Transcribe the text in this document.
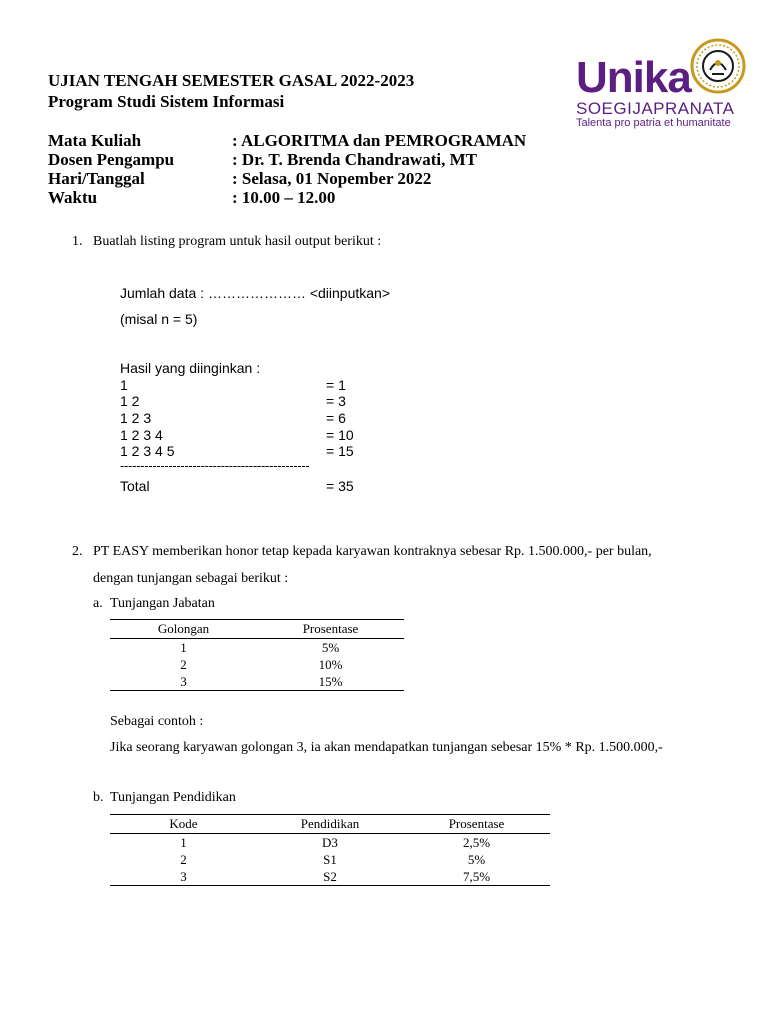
UJIAN TENGAH SEMESTER GASAL 2022-2023
Program Studi Sistem Informasi
Mata Kuliah	: ALGORITMA dan PEMROGRAMAN
Dosen Pengampu	: Dr. T. Brenda Chandrawati, MT
Hari/Tanggal	: Selasa, 01 Nopember 2022
Waktu	: 10.00 – 12.00
Unika
SOEGIJAPRANATA
Talenta pro patria et humanitate
1. Buatlah listing program untuk hasil output berikut :
Jumlah data : ………………… <diinputkan>
(misal n = 5)
Hasil yang diinginkan :
1	= 1
1 2	= 3
1 2 3	= 6
1 2 3 4	= 10
1 2 3 4 5	= 15
-----------------------------------------------
Total	= 35
2. PT EASY memberikan honor tetap kepada karyawan kontraknya sebesar Rp. 1.500.000,- per bulan,
dengan tunjangan sebagai berikut :
a. Tunjangan Jabatan
Golongan	Prosentase
1	5%
2	10%
3	15%
Sebagai contoh :
Jika seorang karyawan golongan 3, ia akan mendapatkan tunjangan sebesar 15% * Rp. 1.500.000,-
b. Tunjangan Pendidikan
Kode	Pendidikan	Prosentase
1	D3	2,5%
2	S1	5%
3	S2	7,5%
